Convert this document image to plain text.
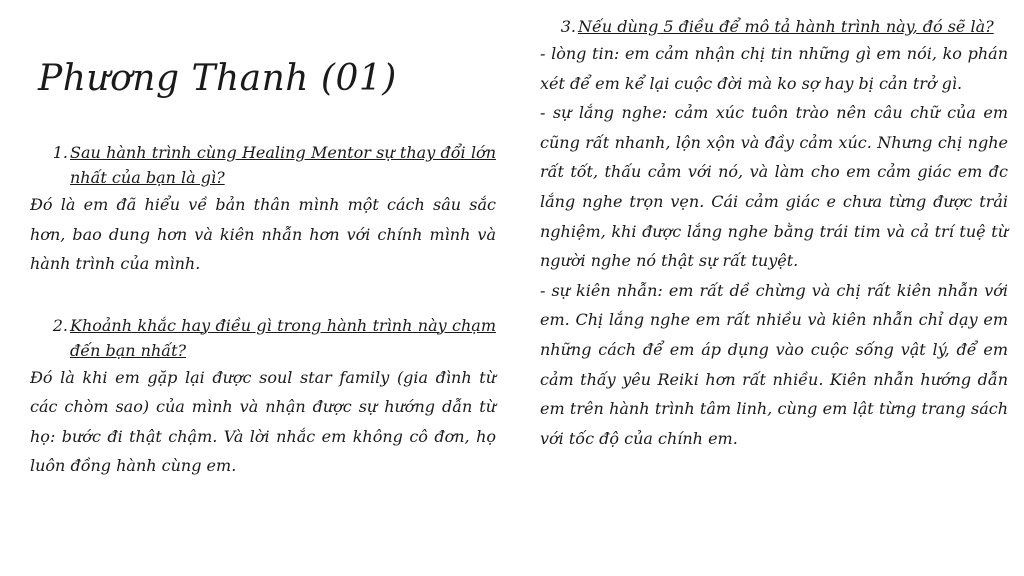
Phương Thanh (01)
1. Sau hành trình cùng Healing Mentor sự thay đổi lớn nhất của bạn là gì?

Đó là em đã hiểu về bản thân mình một cách sâu sắc hơn, bao dung hơn và kiên nhẫn hơn với chính mình và hành trình của mình.

2. Khoảnh khắc hay điều gì trong hành trình này chạm đến bạn nhất?

Đó là khi em gặp lại được soul star family (gia đình từ các chòm sao) của mình và nhận được sự hướng dẫn từ họ: bước đi thật chậm. Và lời nhắc em không cô đơn, họ luôn đồng hành cùng em.

3. Nếu dùng 5 điều để mô tả hành trình này, đó sẽ là?

- lòng tin: em cảm nhận chị tin những gì em nói, ko phán xét để em kể lại cuộc đời mà ko sợ hay bị cản trở gì.

- sự lắng nghe: cảm xúc tuôn trào nên câu chữ của em cũng rất nhanh, lộn xộn và đầy cảm xúc. Nhưng chị nghe rất tốt, thấu cảm với nó, và làm cho em cảm giác em đc lắng nghe trọn vẹn. Cái cảm giác e chưa từng được trải nghiệm, khi được lắng nghe bằng trái tim và cả trí tuệ từ người nghe nó thật sự rất tuyệt.

- sự kiên nhẫn: em rất dề chừng và chị rất kiên nhẫn với em. Chị lắng nghe em rất nhiều và kiên nhẫn chỉ dạy em những cách để em áp dụng vào cuộc sống vật lý, để em cảm thấy yêu Reiki hơn rất nhiều. Kiên nhẫn hướng dẫn em trên hành trình tâm linh, cùng em lật từng trang sách với tốc độ của chính em.
